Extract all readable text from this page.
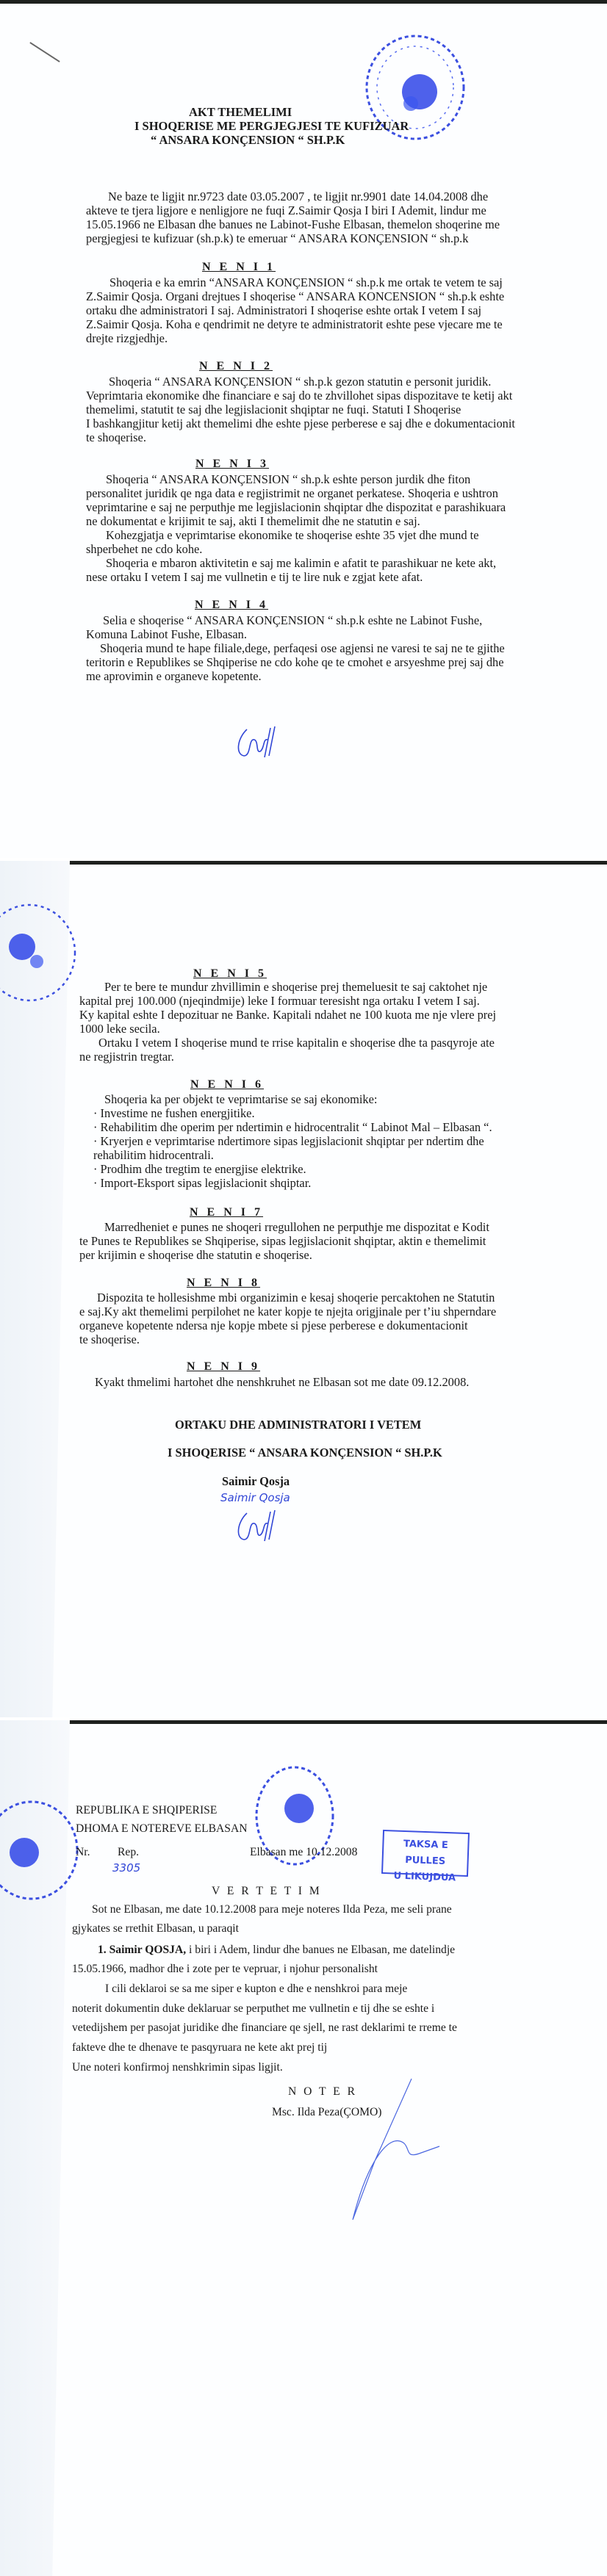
AKT THEMELIMI
I SHOQERISE ME PERGJEGJESI TE KUFIZUAR
“ ANSARA KONÇENSION “ SH.P.K
Ne baze te ligjit nr.9723 date 03.05.2007 , te ligjit nr.9901 date 14.04.2008 dhe
akteve te tjera ligjore e nenligjore ne fuqi Z.Saimir Qosja I biri I Ademit, lindur me
15.05.1966 ne Elbasan dhe banues ne Labinot-Fushe Elbasan, themelon shoqerine me
pergjegjesi te kufizuar (sh.p.k) te emeruar “ ANSARA KONÇENSION “ sh.p.k
N E N I 1
Shoqeria e ka emrin “ANSARA KONÇENSION “ sh.p.k me ortak te vetem te saj
Z.Saimir Qosja. Organi drejtues I shoqerise “ ANSARA KONCENSION “ sh.p.k eshte
ortaku dhe administratori I saj. Administratori I shoqerise eshte ortak I vetem I saj
Z.Saimir Qosja. Koha e qendrimit ne detyre te administratorit eshte pese vjecare me te
drejte rizgjedhje.
N E N I 2
Shoqeria “ ANSARA KONÇENSION “ sh.p.k gezon statutin e personit juridik.
Veprimtaria ekonomike dhe financiare e saj do te zhvillohet sipas dispozitave te ketij akt
themelimi, statutit te saj dhe legjislacionit shqiptar ne fuqi. Statuti I Shoqerise
I bashkangjitur ketij akt themelimi dhe eshte pjese perberese e saj dhe e dokumentacionit
te shoqerise.
N E N I 3
Shoqeria “ ANSARA KONÇENSION “ sh.p.k eshte person jurdik dhe fiton
personalitet juridik qe nga data e regjistrimit ne organet perkatese. Shoqeria e ushtron
veprimtarine e saj ne perputhje me legjislacionin shqiptar dhe dispozitat e parashikuara
ne dokumentat e krijimit te saj, akti I themelimit dhe ne statutin e saj.
Kohezgjatja e veprimtarise ekonomike te shoqerise eshte 35 vjet dhe mund te
shperbehet ne cdo kohe.
Shoqeria e mbaron aktivitetin e saj me kalimin e afatit te parashikuar ne kete akt,
nese ortaku I vetem I saj me vullnetin e tij te lire nuk e zgjat kete afat.
N E N I 4
Selia e shoqerise “ ANSARA KONÇENSION “ sh.p.k eshte ne Labinot Fushe,
Komuna Labinot Fushe, Elbasan.
Shoqeria mund te hape filiale,dege, perfaqesi ose agjensi ne varesi te saj ne te gjithe
teritorin e Republikes se Shqiperise ne cdo kohe qe te cmohet e arsyeshme prej saj dhe
me aprovimin e organeve kopetente.
N E N I 5
Per te bere te mundur zhvillimin e shoqerise prej themeluesit te saj caktohet nje
kapital prej 100.000 (njeqindmije) leke I formuar teresisht nga ortaku I vetem I saj.
Ky kapital eshte I depozituar ne Banke. Kapitali ndahet ne 100 kuota me nje vlere prej
1000 leke secila.
Ortaku I vetem I shoqerise mund te rrise kapitalin e shoqerise dhe ta pasqyroje ate
ne regjistrin tregtar.
N E N I 6
Shoqeria ka per objekt te veprimtarise se saj ekonomike:
· Investime ne fushen energjitike.
· Rehabilitim dhe operim per ndertimin e hidrocentralit “ Labinot Mal – Elbasan “.
· Kryerjen e veprimtarise ndertimore sipas legjislacionit shqiptar per ndertim dhe
rehabilitim hidrocentrali.
· Prodhim dhe tregtim te energjise elektrike.
· Import-Eksport sipas legjislacionit shqiptar.
N E N I 7
Marredheniet e punes ne shoqeri rregullohen ne perputhje me dispozitat e Kodit
te Punes te Republikes se Shqiperise, sipas legjislacionit shqiptar, aktin e themelimit
per krijimin e shoqerise dhe statutin e shoqerise.
N E N I 8
Dispozita te hollesishme mbi organizimin e kesaj shoqerie percaktohen ne Statutin
e saj.Ky akt themelimi perpilohet ne kater kopje te njejta origjinale per t’iu shperndare
organeve kopetente ndersa nje kopje mbete si pjese perberese e dokumentacionit
te shoqerise.
N E N I 9
Kyakt thmelimi hartohet dhe nenshkruhet ne Elbasan sot me date 09.12.2008.
ORTAKU DHE ADMINISTRATORI I VETEM
I SHOQERISE “ ANSARA KONÇENSION “ SH.P.K
Saimir Qosja
Saimir Qosja
TAKSA E PULLES
U LIKUJDUA
REPUBLIKA E SHQIPERISE
DHOMA E NOTEREVE ELBASAN
Nr. Rep.
3305
Elbasan me 10.12.2008
V E R T E T I M
Sot ne Elbasan, me date 10.12.2008 para meje noteres Ilda Peza, me seli prane
gjykates se rrethit Elbasan, u paraqit
1. Saimir QOSJA, i biri i Adem, lindur dhe banues ne Elbasan, me datelindje
15.05.1966, madhor dhe i zote per te vepruar, i njohur personalisht
I cili deklaroi se sa me siper e kupton e dhe e nenshkroi para meje
noterit dokumentin duke deklaruar se perputhet me vullnetin e tij dhe se eshte i
vetedijshem per pasojat juridike dhe financiare qe sjell, ne rast deklarimi te rreme te
fakteve dhe te dhenave te pasqyruara ne kete akt prej tij
Une noteri konfirmoj nenshkrimin sipas ligjit.
N O T E R
Msc. Ilda Peza(ÇOMO)
